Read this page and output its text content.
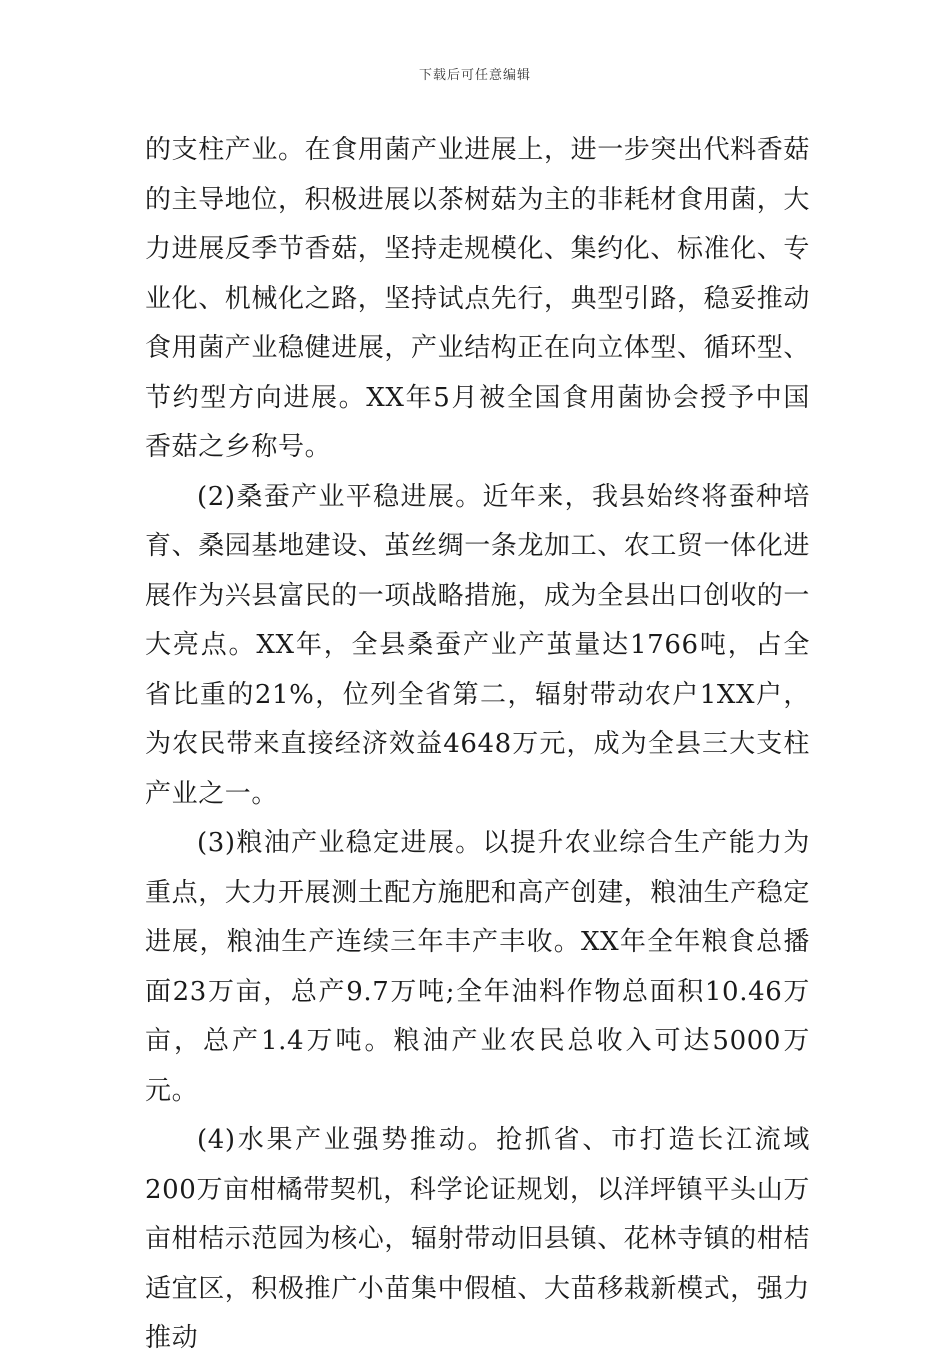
下载后可任意编辑

的支柱产业。在食用菌产业进展上，进一步突出代料香菇的主导地位，积极进展以茶树菇为主的非耗材食用菌，大力进展反季节香菇，坚持走规模化、集约化、标准化、专业化、机械化之路，坚持试点先行，典型引路，稳妥推动食用菌产业稳健进展，产业结构正在向立体型、循环型、节约型方向进展。XX年5月被全国食用菌协会授予中国香菇之乡称号。

(2)桑蚕产业平稳进展。近年来，我县始终将蚕种培育、桑园基地建设、茧丝绸一条龙加工、农工贸一体化进展作为兴县富民的一项战略措施，成为全县出口创收的一大亮点。XX年，全县桑蚕产业产茧量达1766吨，占全省比重的21%，位列全省第二，辐射带动农户1XX户，为农民带来直接经济效益4648万元，成为全县三大支柱产业之一。

(3)粮油产业稳定进展。以提升农业综合生产能力为重点，大力开展测土配方施肥和高产创建，粮油生产稳定进展，粮油生产连续三年丰产丰收。XX年全年粮食总播面23万亩，总产9.7万吨;全年油料作物总面积10.46万亩，总产1.4万吨。粮油产业农民总收入可达5000万元。

(4)水果产业强势推动。抢抓省、市打造长江流域200万亩柑橘带契机，科学论证规划，以洋坪镇平头山万亩柑桔示范园为核心，辐射带动旧县镇、花林寺镇的柑桔适宜区，积极推广小苗集中假植、大苗移栽新模式，强力推动
